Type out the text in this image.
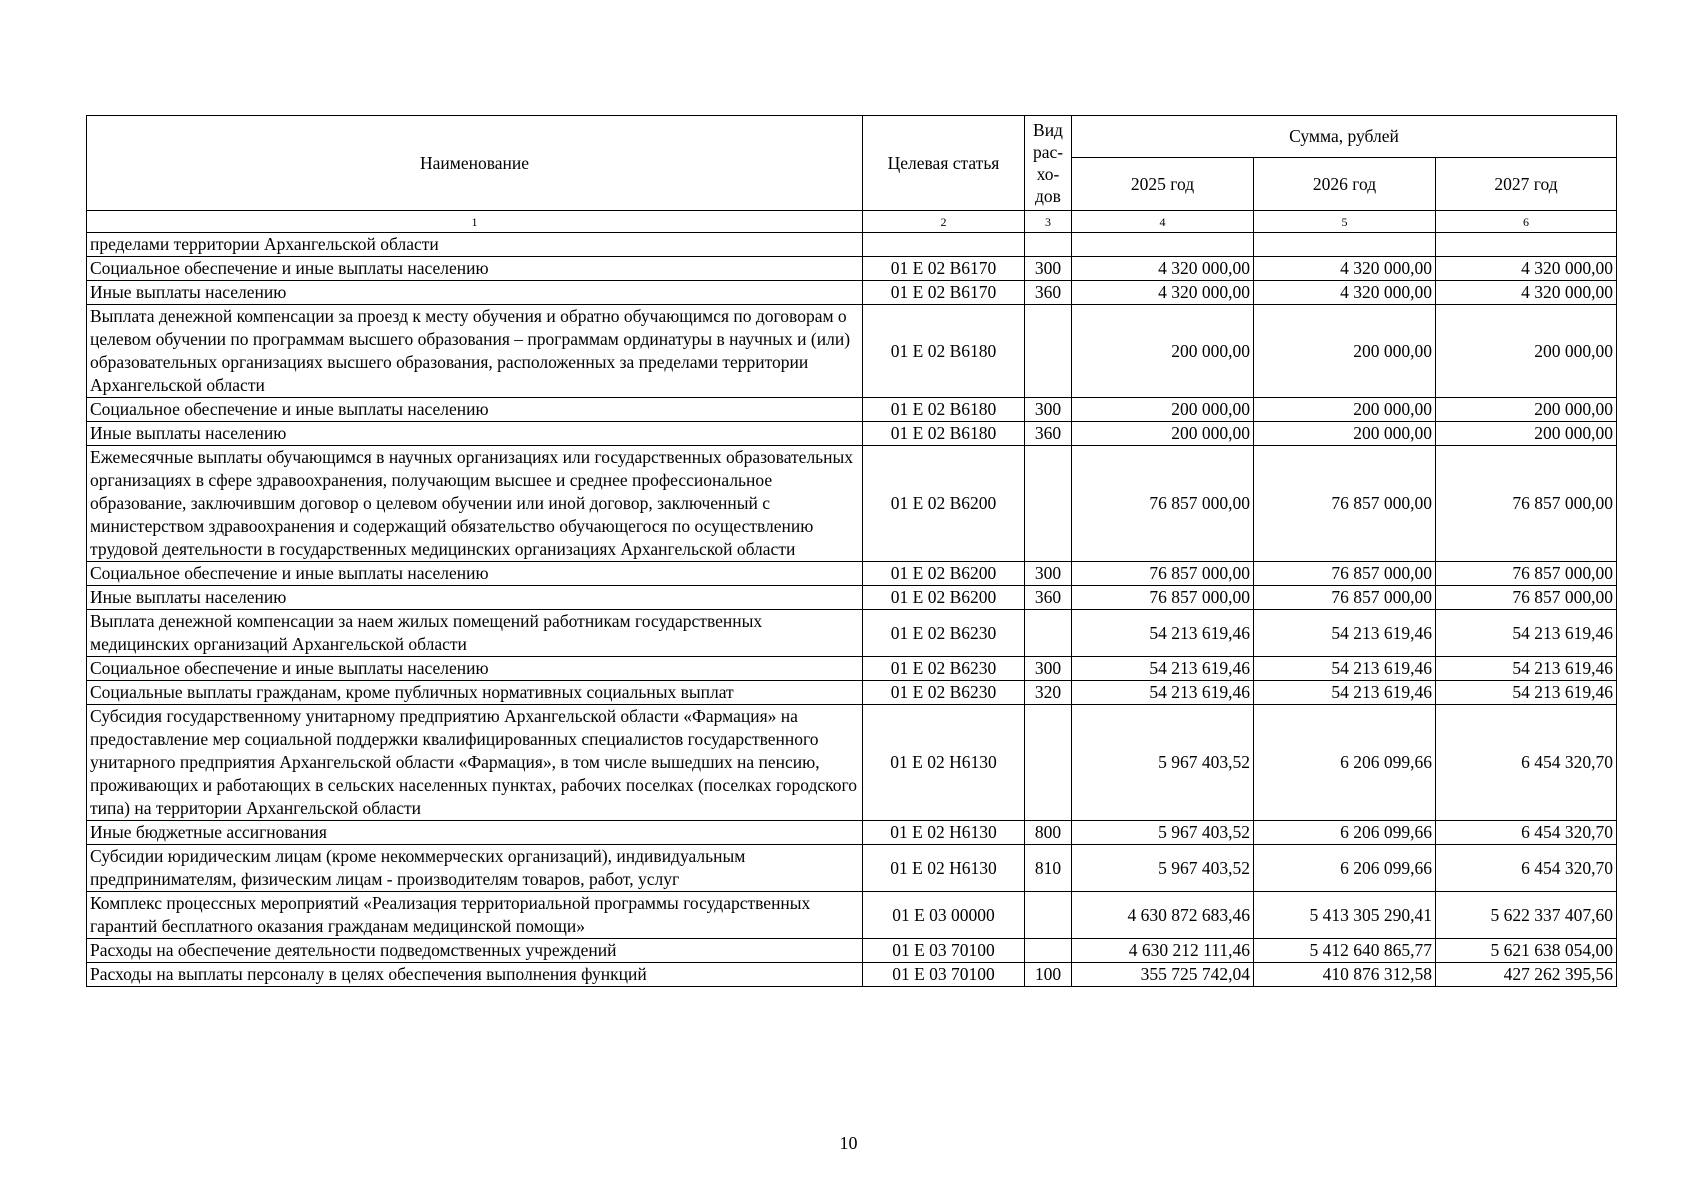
Наименование	Целевая статья	Вид рас-хо-дов	Сумма, рублей		
			2025 год	2026 год	2027 год
1	2	3	4	5	6
пределами территории Архангельской области					
Социальное обеспечение и иные выплаты населению	01 Е 02 В6170	300	4 320 000,00	4 320 000,00	4 320 000,00
Иные выплаты населению	01 Е 02 В6170	360	4 320 000,00	4 320 000,00	4 320 000,00
Выплата денежной компенсации за проезд к месту обучения и обратно обучающимся по договорам о целевом обучении по программам высшего образования – программам ординатуры в научных и (или) образовательных организациях высшего образования, расположенных за пределами территории Архангельской области	01 Е 02 В6180		200 000,00	200 000,00	200 000,00
Социальное обеспечение и иные выплаты населению	01 Е 02 В6180	300	200 000,00	200 000,00	200 000,00
Иные выплаты населению	01 Е 02 В6180	360	200 000,00	200 000,00	200 000,00
Ежемесячные выплаты обучающимся в научных организациях или государственных образовательных организациях в сфере здравоохранения, получающим высшее и среднее профессиональное образование, заключившим договор о целевом обучении или иной договор, заключенный с министерством здравоохранения и содержащий обязательство обучающегося по осуществлению трудовой деятельности в государственных медицинских организациях Архангельской области	01 Е 02 В6200		76 857 000,00	76 857 000,00	76 857 000,00
Социальное обеспечение и иные выплаты населению	01 Е 02 В6200	300	76 857 000,00	76 857 000,00	76 857 000,00
Иные выплаты населению	01 Е 02 В6200	360	76 857 000,00	76 857 000,00	76 857 000,00
Выплата денежной компенсации за наем жилых помещений работникам государственных медицинских организаций Архангельской области	01 Е 02 В6230		54 213 619,46	54 213 619,46	54 213 619,46
Социальное обеспечение и иные выплаты населению	01 Е 02 В6230	300	54 213 619,46	54 213 619,46	54 213 619,46
Социальные выплаты гражданам, кроме публичных нормативных социальных выплат	01 Е 02 В6230	320	54 213 619,46	54 213 619,46	54 213 619,46
Субсидия государственному унитарному предприятию Архангельской области «Фармация» на предоставление мер социальной поддержки квалифицированных специалистов государственного унитарного предприятия Архангельской области «Фармация», в том числе вышедших на пенсию, проживающих и работающих в сельских населенных пунктах, рабочих поселках (поселках городского типа) на территории Архангельской области	01 Е 02 Н6130		5 967 403,52	6 206 099,66	6 454 320,70
Иные бюджетные ассигнования	01 Е 02 Н6130	800	5 967 403,52	6 206 099,66	6 454 320,70
Субсидии юридическим лицам (кроме некоммерческих организаций), индивидуальным предпринимателям, физическим лицам - производителям товаров, работ, услуг	01 Е 02 Н6130	810	5 967 403,52	6 206 099,66	6 454 320,70
Комплекс процессных мероприятий «Реализация территориальной программы государственных гарантий бесплатного оказания гражданам медицинской помощи»	01 Е 03 00000		4 630 872 683,46	5 413 305 290,41	5 622 337 407,60
Расходы на обеспечение деятельности подведомственных учреждений	01 Е 03 70100		4 630 212 111,46	5 412 640 865,77	5 621 638 054,00
Расходы на выплаты персоналу в целях обеспечения выполнения функций	01 Е 03 70100	100	355 725 742,04	410 876 312,58	427 262 395,56
10
